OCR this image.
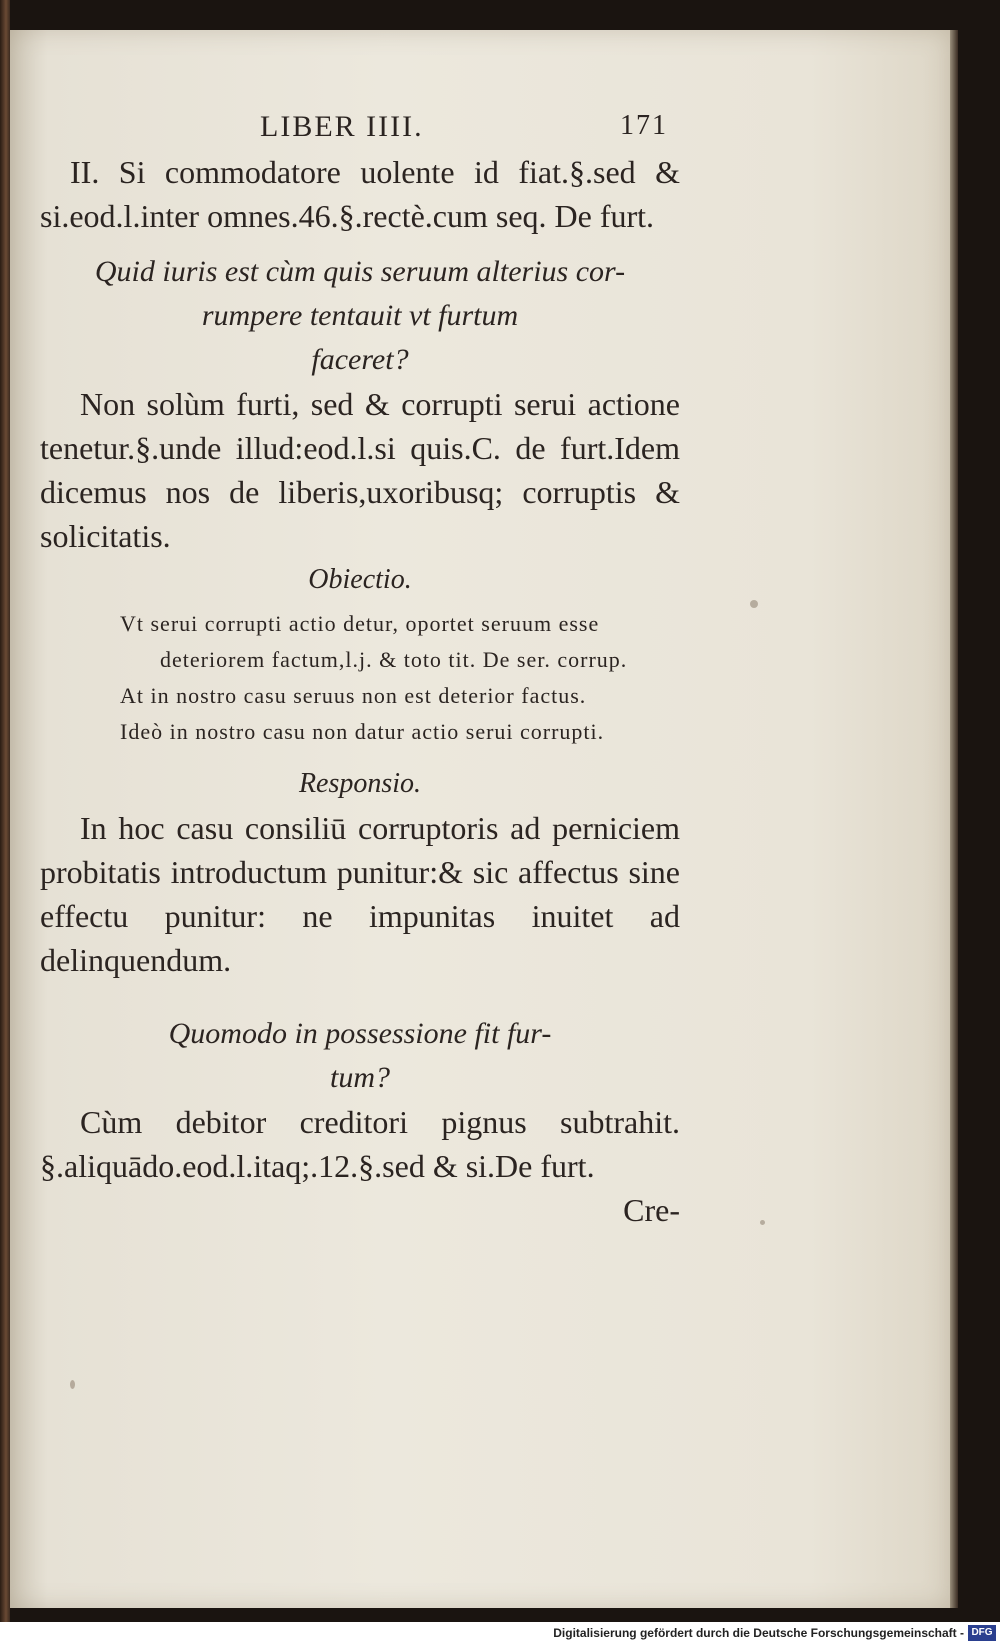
LIBER IIII.	171

II. Si commodatore uolente id fiat.§.sed & si.eod.l.inter omnes.46.§.rectè.cum seq. De furt.

Quid iuris est cùm quis seruum alterius cor-
rumpere tentauit vt furtum
faceret?

Non solùm furti, sed & corrupti serui actione tenetur.§.unde illud:eod.l.si quis.C. de furt.Idem dicemus nos de liberis,uxoribusq; corruptis & solicitatis.

Obiectio.

Vt serui corrupti actio detur, oportet seruum esse deteriorem factum,l.j. & toto tit. De ser. corrup.

At in nostro casu seruus non est deterior factus.

Ideò in nostro casu non datur actio serui corrupti.

Responsio.

In hoc casu consiliū corruptoris ad perniciem probitatis introductum punitur:& sic affectus sine effectu punitur: ne impunitas inuitet ad delinquendum.

Quomodo in possessione fit fur-
tum?

Cùm debitor creditori pignus subtrahit. §.aliquādo.eod.l.itaq;.12.§.sed & si.De furt.

Cre-

Digitalisierung gefördert durch die Deutsche Forschungsgemeinschaft - DFG
